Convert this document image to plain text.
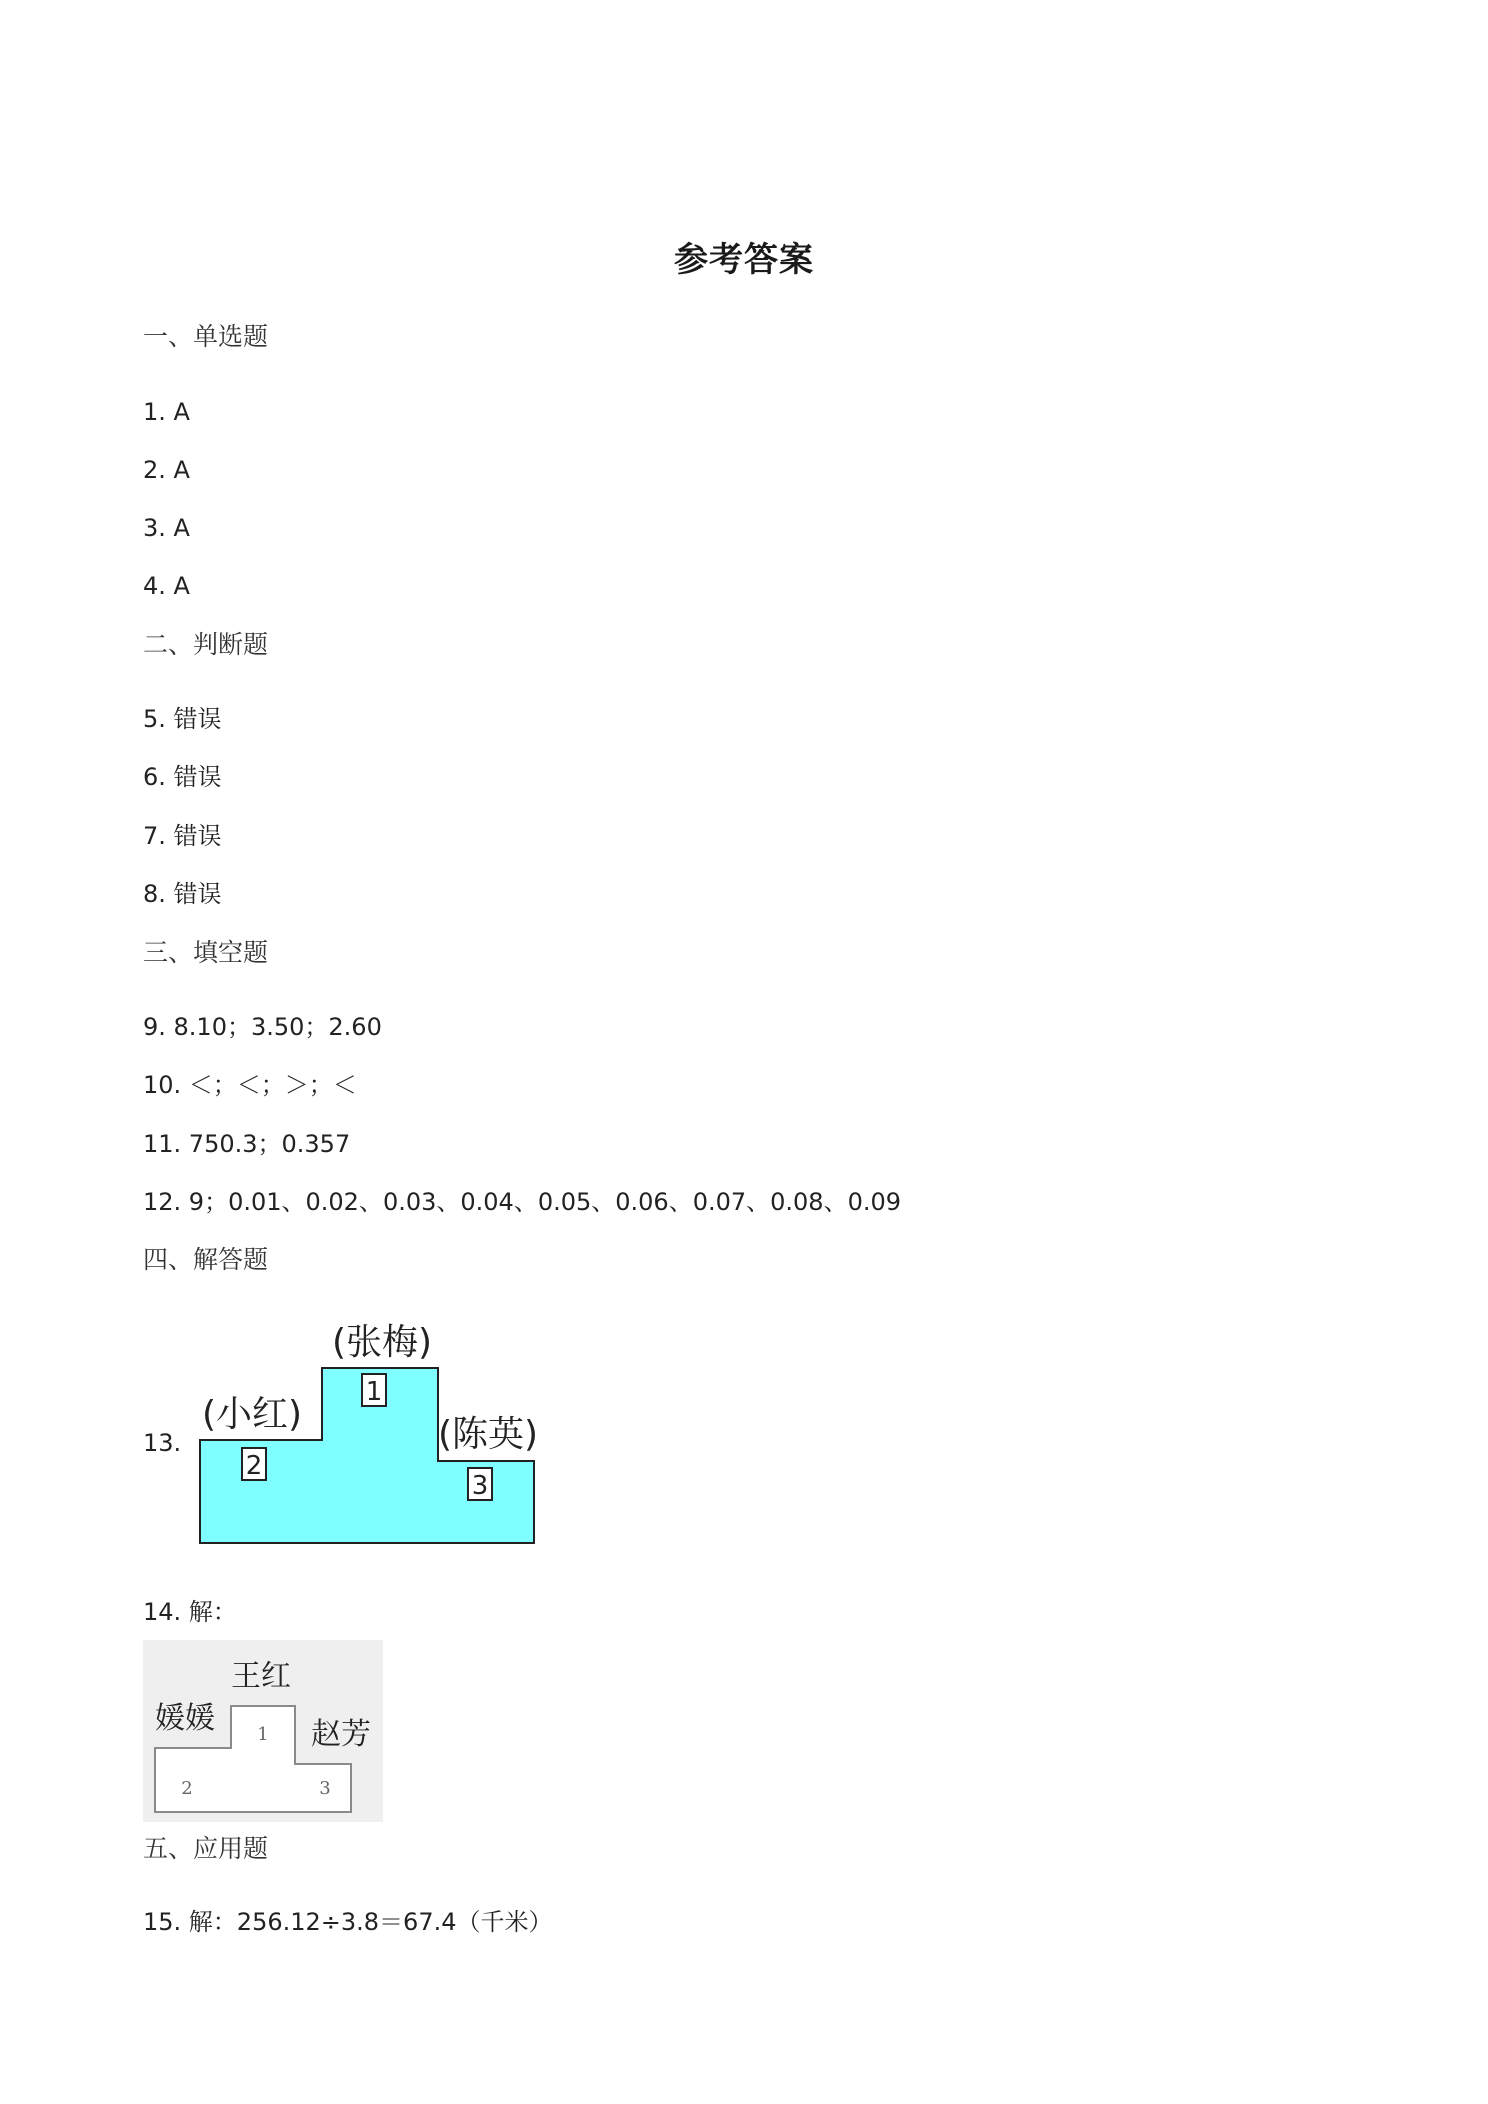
参考答案
一、单选题
1. A
2. A
3. A
4. A
二、判断题
5. 错误
6. 错误
7. 错误
8. 错误
三、填空题
9. 8.10；3.50；2.60
10. ＜；＜；＞；＜
11. 750.3；0.357
12. 9；0.01、0.02、0.03、0.04、0.05、0.06、0.07、0.08、0.09
四、解答题
13.
(张梅)
(小红)	(陈英)
1
2
3
14. 解：
王红
媛媛	赵芳
1
2	3
五、应用题
15. 解：256.12÷3.8＝67.4（千米）
